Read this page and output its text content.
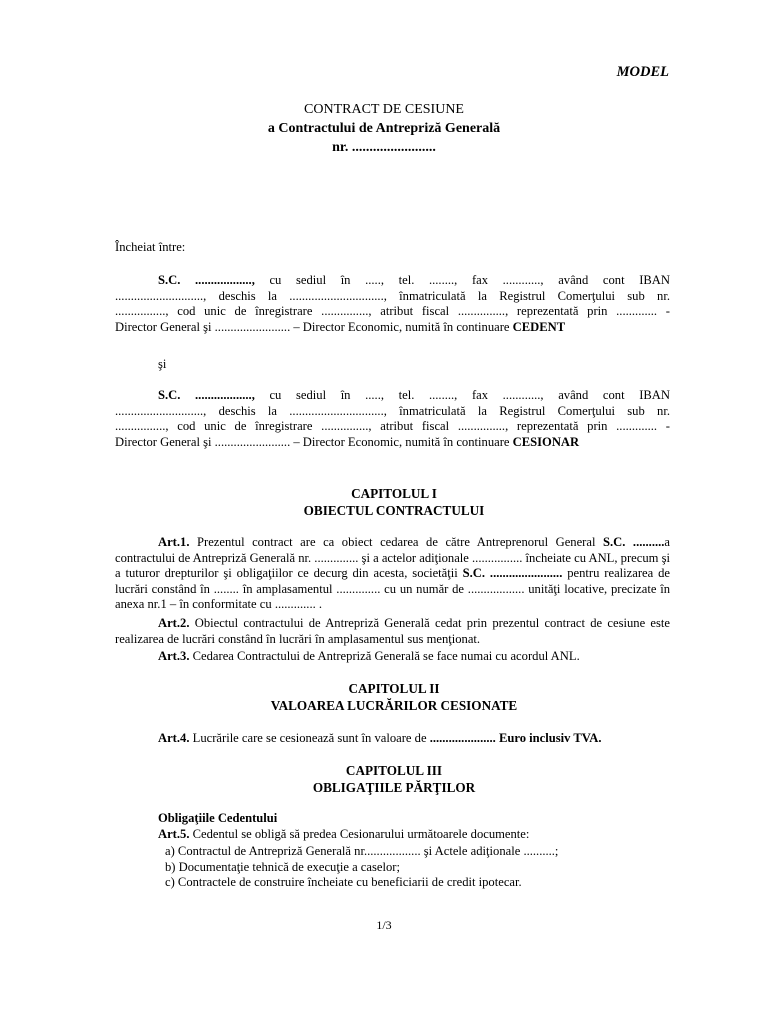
MODEL
CONTRACT DE CESIUNE
a Contractului de Antrepriză Generală
nr. ........................
Încheiat între:
S.C. .................., cu sediul în ....., tel. ........, fax ............, având cont IBAN
............................, deschis la .............................., înmatriculată la Registrul Comerţului sub nr.
................, cod unic de înregistrare ..............., atribut fiscal ..............., reprezentată prin ............. -
Director General şi ........................ – Director Economic, numită în continuare CEDENT
şi
S.C. .................., cu sediul în ....., tel. ........, fax ............, având cont IBAN
............................, deschis la .............................., înmatriculată la Registrul Comerţului sub nr.
................, cod unic de înregistrare ..............., atribut fiscal ..............., reprezentată prin ............. -
Director General şi ........................ – Director Economic, numită în continuare CESIONAR
CAPITOLUL I
OBIECTUL CONTRACTULUI
Art.1. Prezentul contract are ca obiect cedarea de către Antreprenorul General S.C. ..........a contractului de Antrepriză Generală nr. .............. şi a actelor adiţionale ................ încheiate cu ANL, precum şi a tuturor drepturilor şi obligaţiilor ce decurg din acesta, societăţii S.C. ....................... pentru realizarea de lucrări constând în ........ în amplasamentul .............. cu un număr de .................. unităţi locative, precizate în anexa nr.1 – în conformitate cu ............. .
Art.2. Obiectul contractului de Antrepriză Generală cedat prin prezentul contract de cesiune este realizarea de lucrări constând în lucrări în amplasamentul sus menţionat.
Art.3. Cedarea Contractului de Antrepriză Generală se face numai cu acordul ANL.
CAPITOLUL II
VALOAREA LUCRĂRILOR CESIONATE
Art.4. Lucrările care se cesionează sunt în valoare de ..................... Euro inclusiv TVA.
CAPITOLUL III
OBLIGAŢIILE PĂRŢILOR
Obligaţiile Cedentului
Art.5. Cedentul se obligă să predea Cesionarului următoarele documente:
a) Contractul de Antrepriză Generală nr.................. şi Actele adiţionale ..........;
b) Documentaţie tehnică de execuţie a caselor;
c) Contractele de construire încheiate cu beneficiarii de credit ipotecar.
1/3
